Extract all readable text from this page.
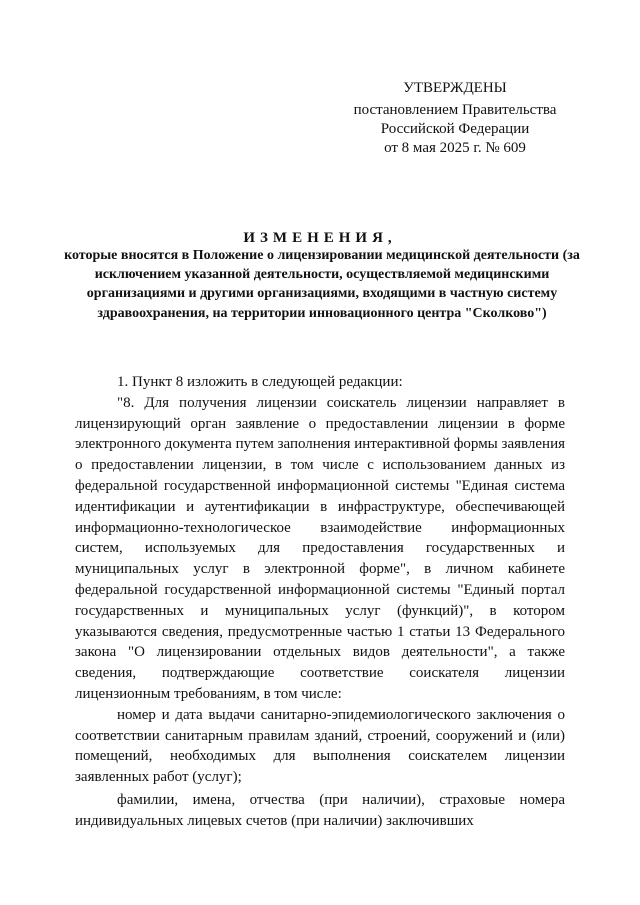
УТВЕРЖДЕНЫ
постановлением Правительства
Российской Федерации
от 8 мая 2025 г. № 609
ИЗМЕНЕНИЯ,
которые вносятся в Положение о лицензировании медицинской деятельности (за исключением указанной деятельности, осуществляемой медицинскими организациями и другими организациями, входящими в частную систему здравоохранения, на территории инновационного центра "Сколково")

1. Пункт 8 изложить в следующей редакции:

"8. Для получения лицензии соискатель лицензии направляет в лицензирующий орган заявление о предоставлении лицензии в форме электронного документа путем заполнения интерактивной формы заявления о предоставлении лицензии, в том числе с использованием данных из федеральной государственной информационной системы "Единая система идентификации и аутентификации в инфраструктуре, обеспечивающей информационно-технологическое взаимодействие информационных систем, используемых для предоставления государственных и муниципальных услуг в электронной форме", в личном кабинете федеральной государственной информационной системы "Единый портал государственных и муниципальных услуг (функций)", в котором указываются сведения, предусмотренные частью 1 статьи 13 Федерального закона "О лицензировании отдельных видов деятельности", а также сведения, подтверждающие соответствие соискателя лицензии лицензионным требованиям, в том числе:

номер и дата выдачи санитарно-эпидемиологического заключения о соответствии санитарным правилам зданий, строений, сооружений и (или) помещений, необходимых для выполнения соискателем лицензии заявленных работ (услуг);

фамилии, имена, отчества (при наличии), страховые номера индивидуальных лицевых счетов (при наличии) заключивших
